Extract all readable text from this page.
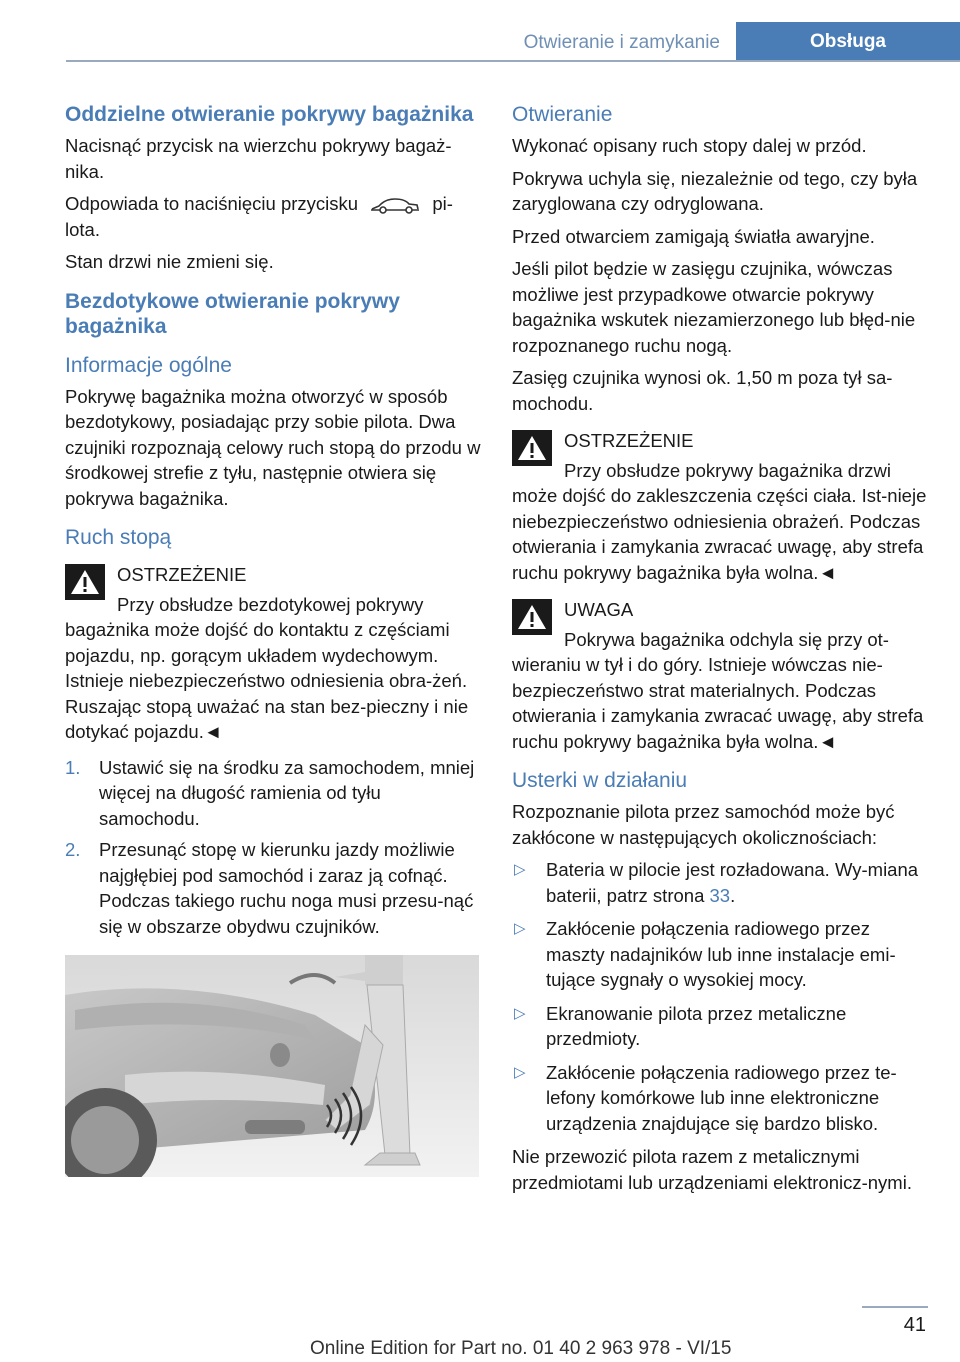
Otwieranie i zamykanie	Obsługa
Oddzielne otwieranie pokrywy bagażnika

Nacisnąć przycisk na wierzchu pokrywy bagaż-nika.

Odpowiada to naciśnięciu przycisku	pi-lota.

Stan drzwi nie zmieni się.

Bezdotykowe otwieranie pokrywy bagażnika
Informacje ogólne

Pokrywę bagażnika można otworzyć w sposób bezdotykowy, posiadając przy sobie pilota. Dwa czujniki rozpoznają celowy ruch stopą do przodu w środkowej strefie z tyłu, następnie otwiera się pokrywa bagażnika.

Ruch stopą

OSTRZEŻENIE

Przy obsłudze bezdotykowej pokrywy bagażnika może dojść do kontaktu z częściami pojazdu, np. gorącym układem wydechowym. Istnieje niebezpieczeństwo odniesienia obra-żeń. Ruszając stopą uważać na stan bez-pieczny i nie dotykać pojazdu.◄

1. Ustawić się na środku za samochodem, mniej więcej na długość ramienia od tyłu samochodu.
2. Przesunąć stopę w kierunku jazdy możliwie najgłębiej pod samochód i zaraz ją cofnąć. Podczas takiego ruchu noga musi przesu-nąć się w obszarze obydwu czujników.
Otwieranie

Wykonać opisany ruch stopy dalej w przód.

Pokrywa uchyla się, niezależnie od tego, czy była zaryglowana czy odryglowana.

Przed otwarciem zamigają światła awaryjne.

Jeśli pilot będzie w zasięgu czujnika, wówczas możliwe jest przypadkowe otwarcie pokrywy bagażnika wskutek niezamierzonego lub błęd-nie rozpoznanego ruchu nogą.

Zasięg czujnika wynosi ok. 1,50 m poza tył sa-mochodu.

OSTRZEŻENIE

Przy obsłudze pokrywy bagażnika drzwi może dojść do zakleszczenia części ciała. Ist-nieje niebezpieczeństwo odniesienia obrażeń. Podczas otwierania i zamykania zwracać uwagę, aby strefa ruchu pokrywy bagażnika była wolna.◄

UWAGA

Pokrywa bagażnika odchyla się przy ot-wieraniu w tył i do góry. Istnieje wówczas nie-bezpieczeństwo strat materialnych. Podczas otwierania i zamykania zwracać uwagę, aby strefa ruchu pokrywy bagażnika była wolna.◄

Usterki w działaniu

Rozpoznanie pilota przez samochód może być zakłócone w następujących okolicznościach:

▷ Bateria w pilocie jest rozładowana. Wy-miana baterii, patrz strona 33.
▷ Zakłócenie połączenia radiowego przez maszty nadajników lub inne instalacje emi-tujące sygnały o wysokiej mocy.
▷ Ekranowanie pilota przez metaliczne przedmioty.
▷ Zakłócenie połączenia radiowego przez te-lefony komórkowe lub inne elektroniczne urządzenia znajdujące się bardzo blisko.

Nie przewozić pilota razem z metalicznymi przedmiotami lub urządzeniami elektronicz-nymi.

41
Online Edition for Part no. 01 40 2 963 978 - VI/15
